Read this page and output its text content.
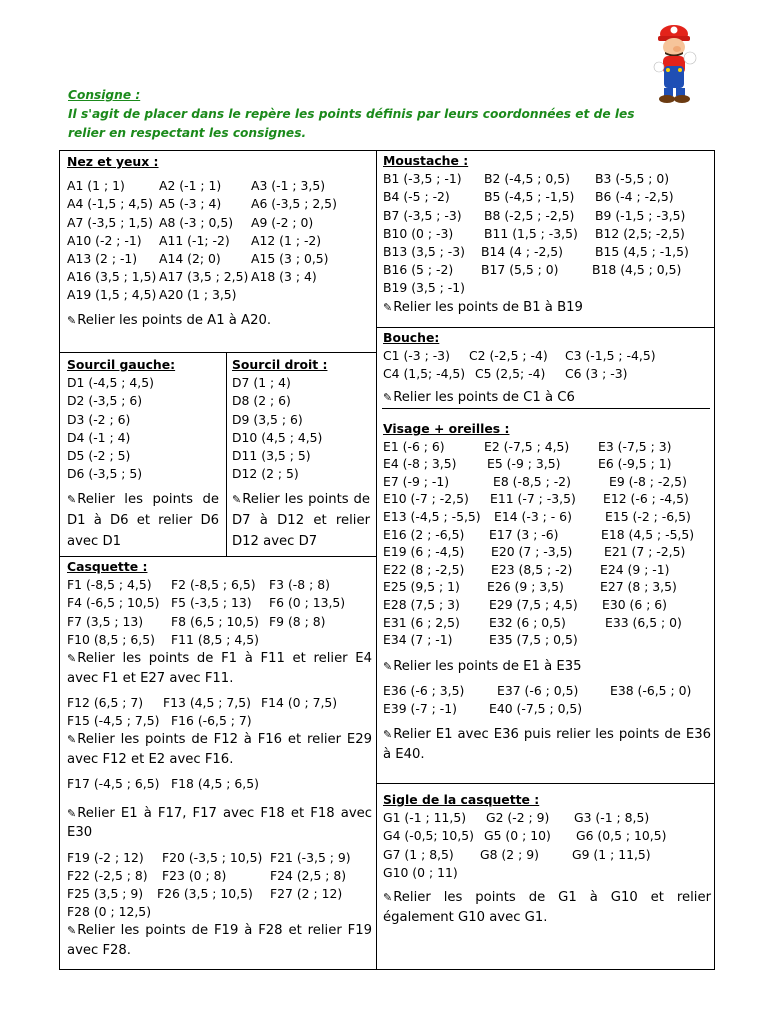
Consigne :
Il s'agit de placer dans le repère les points définis par leurs coordonnées et de les relier en respectant les consignes.
Nez et yeux :
A1 (1 ; 1)	A2 (-1 ; 1)	A3 (-1 ; 3,5)
A4 (-1,5 ; 4,5) A5 (-3 ; 4)	A6 (-3,5 ; 2,5)
A7 (-3,5 ; 1,5) A8 (-3 ; 0,5)	A9 (-2 ; 0)
A10 (-2 ; -1)	A11 (-1; -2)	A12 (1 ; -2)
A13 (2 ; -1)	A14 (2; 0)	A15 (3 ; 0,5)
A16 (3,5 ; 1,5) A17 (3,5 ; 2,5) A18 (3 ; 4)
A19 (1,5 ; 4,5) A20 (1 ; 3,5)
✎Relier les points de A1 à A20.
Sourcil gauche:
D1 (-4,5 ; 4,5)
D2 (-3,5 ; 6)
D3 (-2 ; 6)
D4 (-1 ; 4)
D5 (-2 ; 5)
D6 (-3,5 ; 5)
✎Relier les points de D1 à D6 et relier D6 avec D1
Sourcil droit :
D7 (1 ; 4)
D8 (2 ; 6)
D9 (3,5 ; 6)
D10 (4,5 ; 4,5)
D11 (3,5 ; 5)
D12 (2 ; 5)
✎Relier les points de D7 à D12 et relier D12 avec D7
Casquette :
F1 (-8,5 ; 4,5)	F2 (-8,5 ; 6,5)	F3 (-8 ; 8)
F4 (-6,5 ; 10,5) F5 (-3,5 ; 13)	F6 (0 ; 13,5)
F7 (3,5 ; 13)	F8 (6,5 ; 10,5) F9 (8 ; 8)
F10 (8,5 ; 6,5)	F11 (8,5 ; 4,5)
✎Relier les points de F1 à F11 et relier E4 avec F1 et E27 avec F11.
F12 (6,5 ; 7)	F13 (4,5 ; 7,5) F14 (0 ; 7,5)
F15 (-4,5 ; 7,5) F16 (-6,5 ; 7)
✎Relier les points de F12 à F16 et relier E29 avec F12 et E2 avec F16.
F17 (-4,5 ; 6,5) F18 (4,5 ; 6,5)
✎Relier E1 à F17, F17 avec F18 et F18 avec E30
F19 (-2 ; 12)	F20 (-3,5 ; 10,5) F21 (-3,5 ; 9)
F22 (-2,5 ; 8)	F23 (0 ; 8)	F24 (2,5 ; 8)
F25 (3,5 ; 9)	F26 (3,5 ; 10,5)	F27 (2 ; 12)
F28 (0 ; 12,5)
✎Relier les points de F19 à F28 et relier F19 avec F28.
Moustache :
B1 (-3,5 ; -1)	B2 (-4,5 ; 0,5)	B3 (-5,5 ; 0)
B4 (-5 ; -2)	B5 (-4,5 ; -1,5)	B6 (-4 ; -2,5)
B7 (-3,5 ; -3)	B8 (-2,5 ; -2,5)	B9 (-1,5 ; -3,5)
B10 (0 ; -3)	B11 (1,5 ; -3,5)	B12 (2,5; -2,5)
B13 (3,5 ; -3)	B14 (4 ; -2,5)	B15 (4,5 ; -1,5)
B16 (5 ; -2)	B17 (5,5 ; 0)	B18 (4,5 ; 0,5)
B19 (3,5 ; -1)
✎Relier les points de B1 à B19
Bouche:
C1 (-3 ; -3)	C2 (-2,5 ; -4)	C3 (-1,5 ; -4,5)
C4 (1,5; -4,5) C5 (2,5; -4)	C6 (3 ; -3)
✎Relier les points de C1 à C6
Visage + oreilles :
E1 (-6 ; 6)	E2 (-7,5 ; 4,5)	E3 (-7,5 ; 3)
E4 (-8 ; 3,5)	E5 (-9 ; 3,5)	E6 (-9,5 ; 1)
E7 (-9 ; -1)	E8 (-8,5 ; -2)	E9 (-8 ; -2,5)
E10 (-7 ; -2,5)	E11 (-7 ; -3,5)	E12 (-6 ; -4,5)
E13 (-4,5 ; -5,5)	E14 (-3 ; - 6)	E15 (-2 ; -6,5)
E16 (2 ; -6,5)	E17 (3 ; -6)	E18 (4,5 ; -5,5)
E19 (6 ; -4,5)	E20 (7 ; -3,5)	E21 (7 ; -2,5)
E22 (8 ; -2,5)	E23 (8,5 ; -2)	E24 (9 ; -1)
E25 (9,5 ; 1)	E26 (9 ; 3,5)	E27 (8 ; 3,5)
E28 (7,5 ; 3)	E29 (7,5 ; 4,5)	E30 (6 ; 6)
E31 (6 ; 2,5)	E32 (6 ; 0,5)	E33 (6,5 ; 0)
E34 (7 ; -1)	E35 (7,5 ; 0,5)
✎Relier les points de E1 à E35
E36 (-6 ; 3,5)	E37 (-6 ; 0,5)	E38 (-6,5 ; 0)
E39 (-7 ; -1)	E40 (-7,5 ; 0,5)
✎Relier E1 avec E36 puis relier les points de E36 à E40.
Sigle de la casquette :
G1 (-1 ; 11,5)	G2 (-2 ; 9)	G3 (-1 ; 8,5)
G4 (-0,5; 10,5) G5 (0 ; 10)	G6 (0,5 ; 10,5)
G7 (1 ; 8,5)	G8 (2 ; 9)	G9 (1 ; 11,5)
G10 (0 ; 11)
✎Relier les points de G1 à G10 et relier également G10 avec G1.
